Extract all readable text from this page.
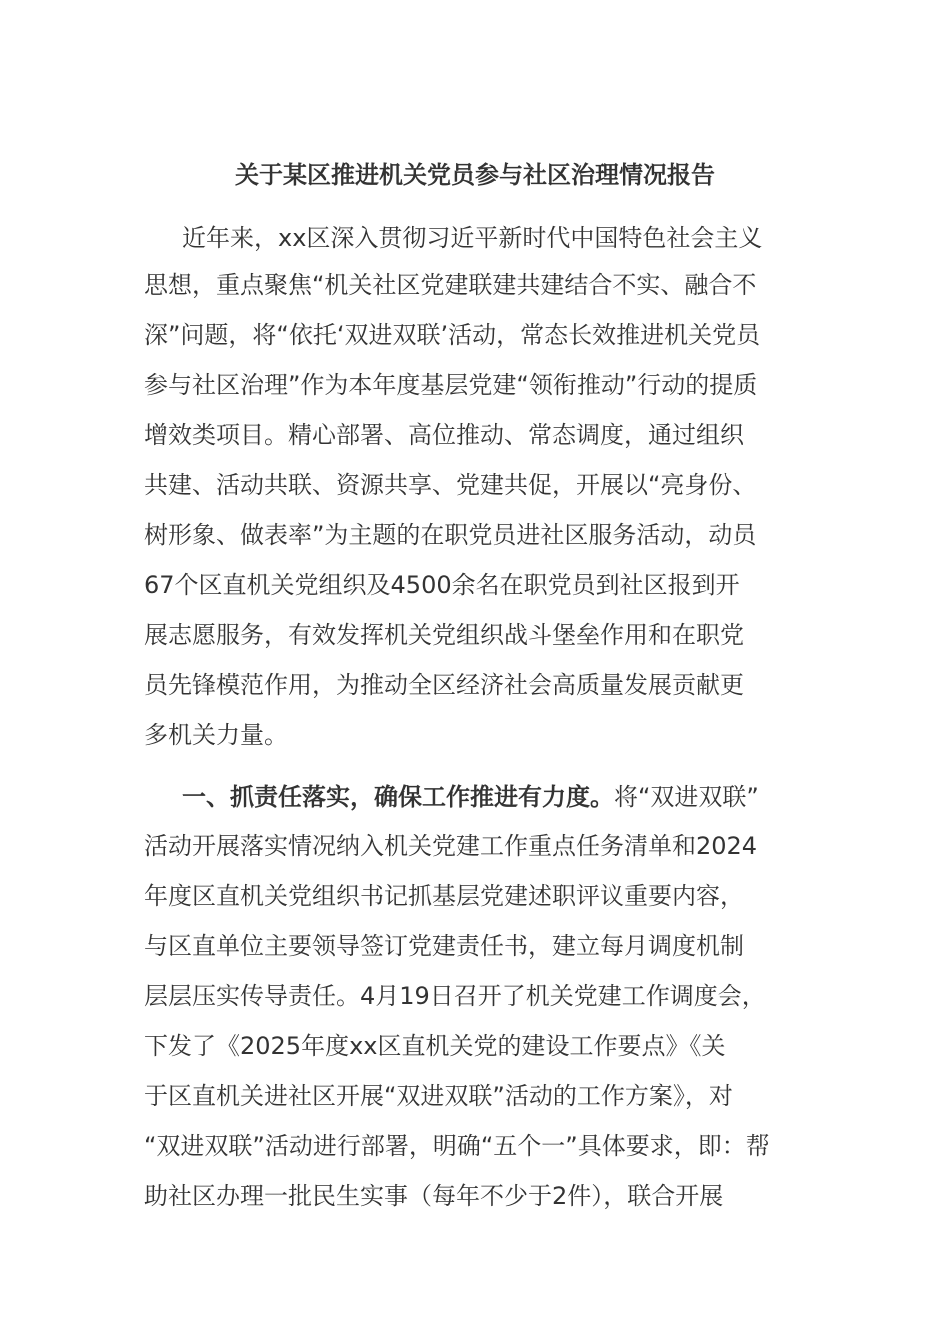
关于某区推进机关党员参与社区治理情况报告

近年来，xx区深入贯彻习近平新时代中国特色社会主义

思想，重点聚焦“机关社区党建联建共建结合不实、融合不

深”问题，将“依托‘双进双联’活动，常态长效推进机关党员

参与社区治理”作为本年度基层党建“领衔推动”行动的提质

增效类项目。精心部署、高位推动、常态调度，通过组织

共建、活动共联、资源共享、党建共促，开展以“亮身份、

树形象、做表率”为主题的在职党员进社区服务活动，动员

67个区直机关党组织及4500余名在职党员到社区报到开

展志愿服务，有效发挥机关党组织战斗堡垒作用和在职党

员先锋模范作用，为推动全区经济社会高质量发展贡献更

多机关力量。

一、抓责任落实，确保工作推进有力度。将“双进双联”

活动开展落实情况纳入机关党建工作重点任务清单和2024

年度区直机关党组织书记抓基层党建述职评议重要内容，

与区直单位主要领导签订党建责任书，建立每月调度机制

层层压实传导责任。4月19日召开了机关党建工作调度会，

下发了《2025年度xx区直机关党的建设工作要点》《关

于区直机关进社区开展“双进双联”活动的工作方案》，对

“双进双联”活动进行部署，明确“五个一”具体要求，即：帮

助社区办理一批民生实事（每年不少于2件），联合开展
